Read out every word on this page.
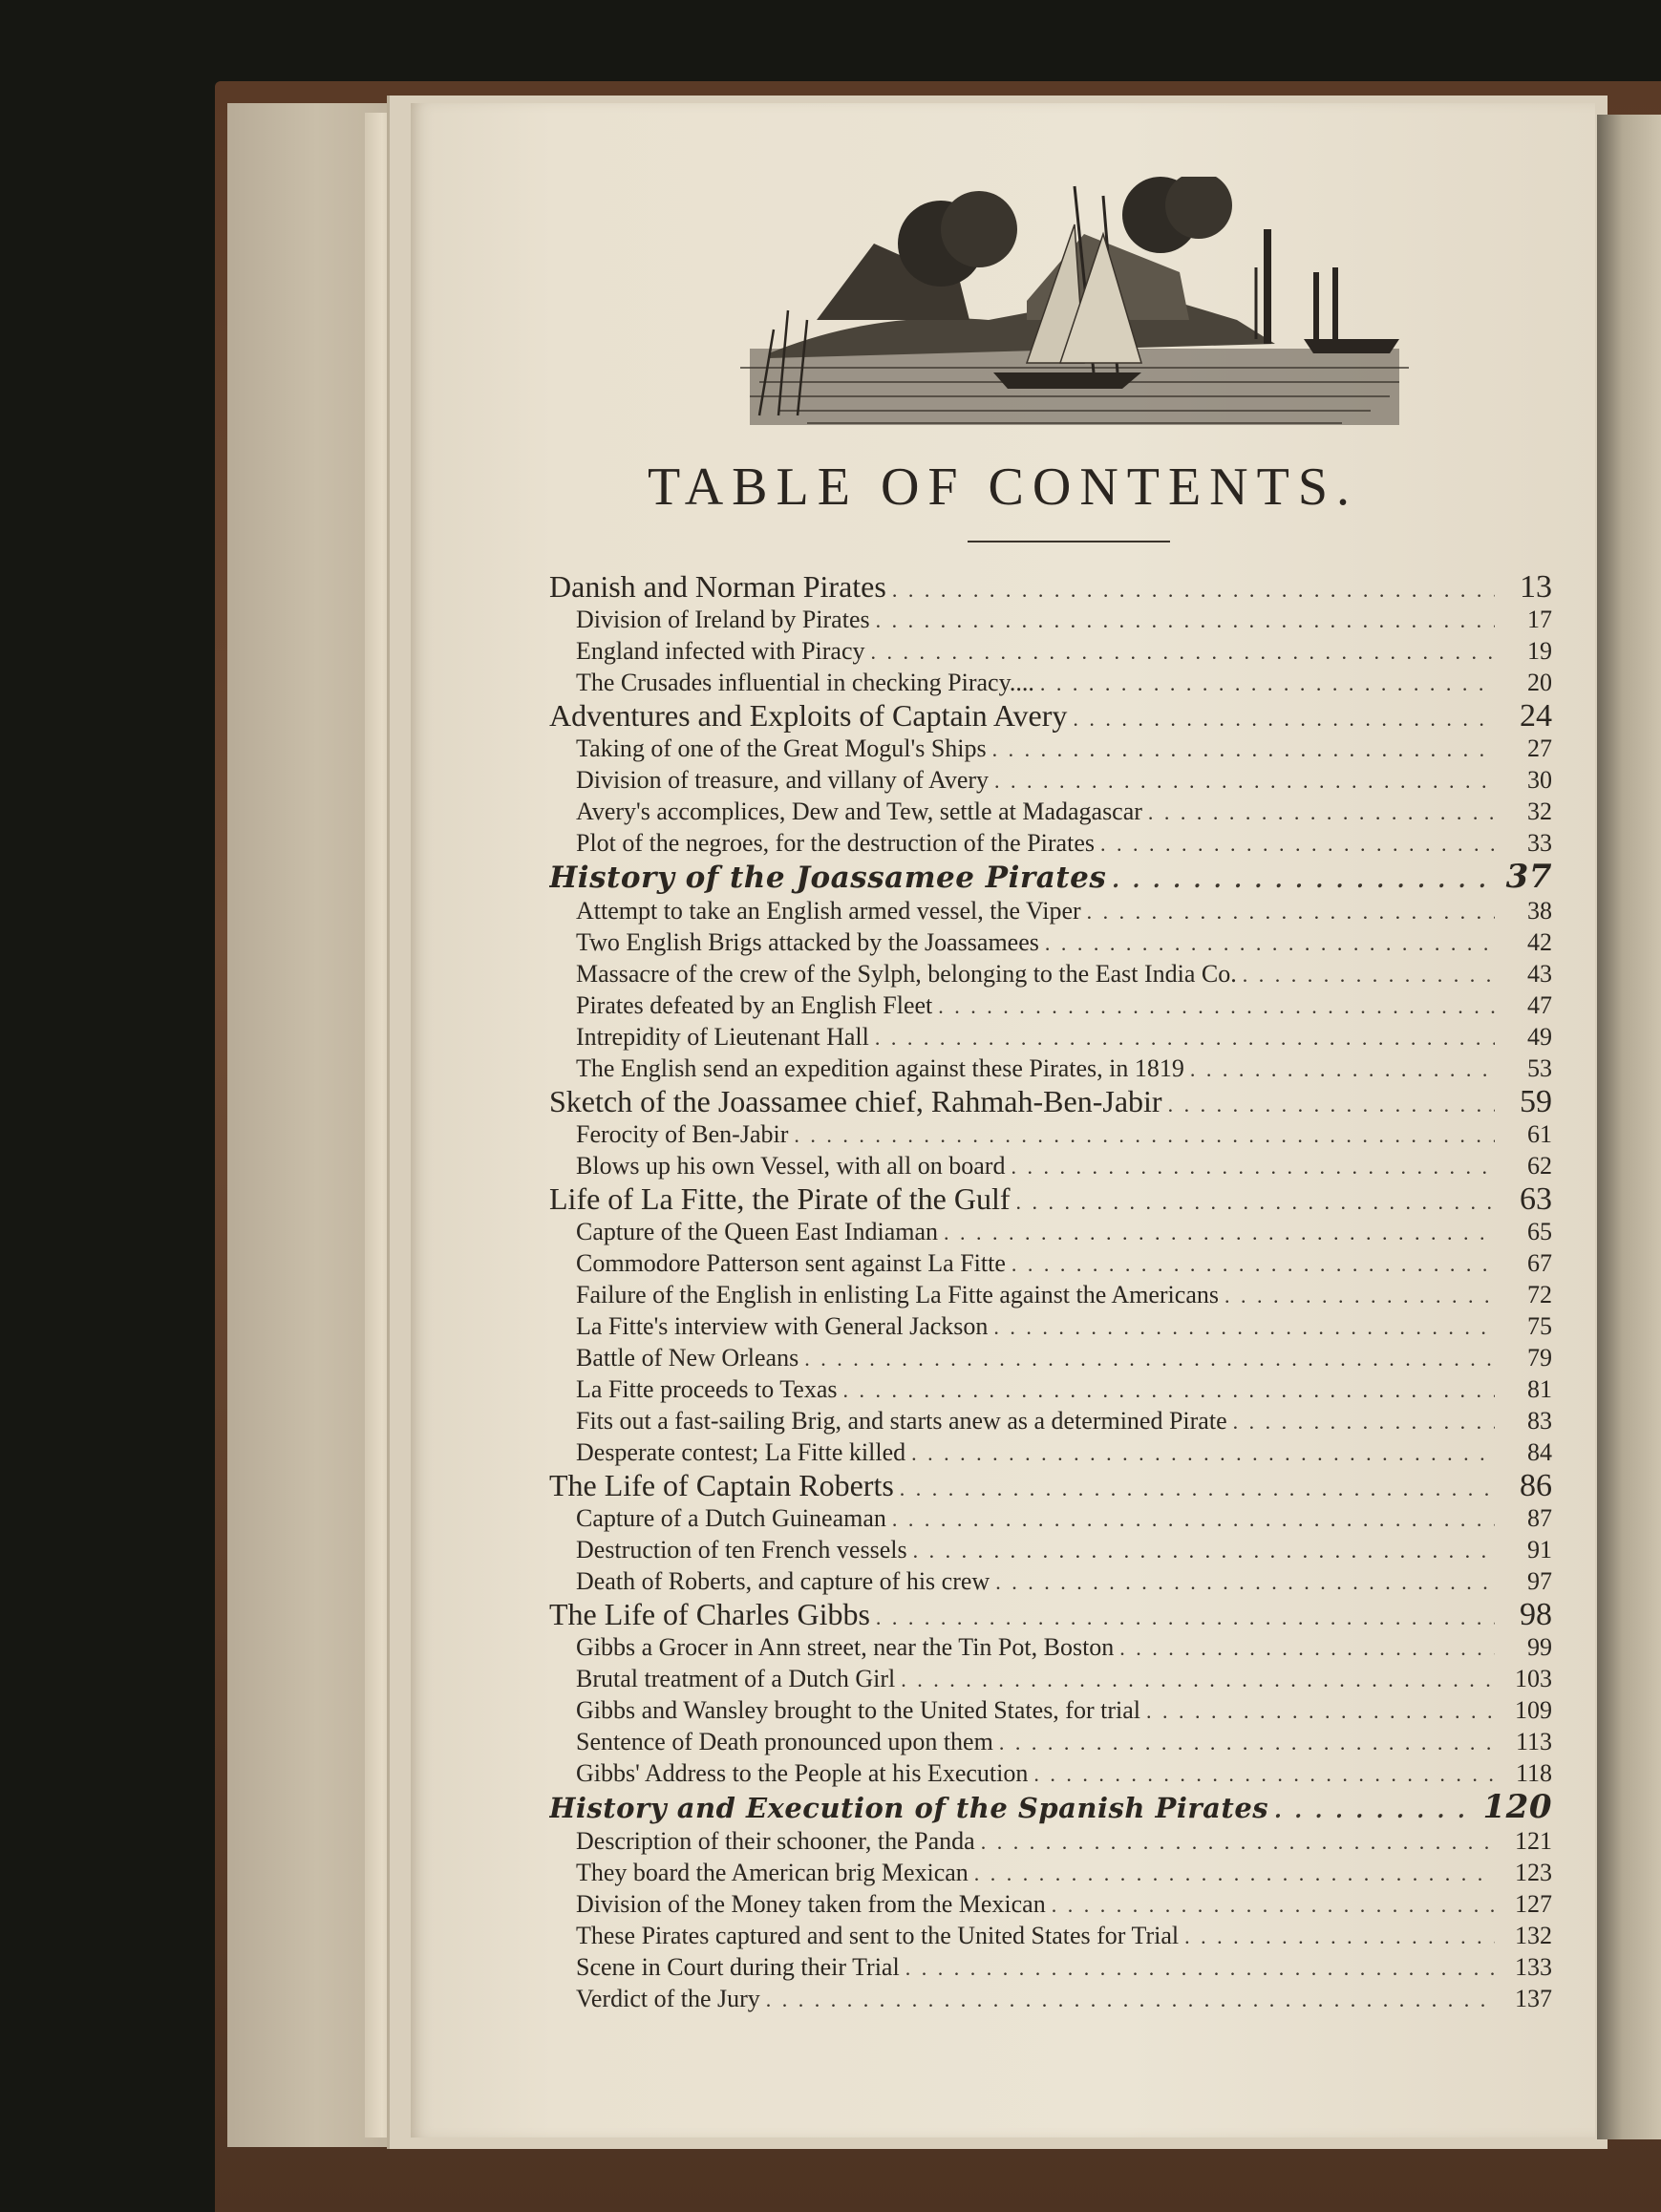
TABLE OF CONTENTS.
Danish and Norman Pirates . . .	13
Division of Ireland by Pirates . . .	17
England infected with Piracy . . .	19
The Crusades influential in checking Piracy.... . . .	20
Adventures and Exploits of Captain Avery . . .	24
Taking of one of the Great Mogul's Ships . . .	27
Division of treasure, and villany of Avery . . .	30
Avery's accomplices, Dew and Tew, settle at Madagascar . . .	32
Plot of the negroes, for the destruction of the Pirates . . .	33
History of the Joassamee Pirates . . .	37
Attempt to take an English armed vessel, the Viper . . .	38
Two English Brigs attacked by the Joassamees . . .	42
Massacre of the crew of the Sylph, belonging to the East India Co. . . .	43
Pirates defeated by an English Fleet . . .	47
Intrepidity of Lieutenant Hall . . .	49
The English send an expedition against these Pirates, in 1819 . . .	53
Sketch of the Joassamee chief, Rahmah-Ben-Jabir . . .	59
Ferocity of Ben-Jabir . . .	61
Blows up his own Vessel, with all on board . . .	62
Life of La Fitte, the Pirate of the Gulf . . .	63
Capture of the Queen East Indiaman . . .	65
Commodore Patterson sent against La Fitte . . .	67
Failure of the English in enlisting La Fitte against the Americans . . .	72
La Fitte's interview with General Jackson . . .	75
Battle of New Orleans . . .	79
La Fitte proceeds to Texas . . .	81
Fits out a fast-sailing Brig, and starts anew as a determined Pirate . . .	83
Desperate contest; La Fitte killed . . .	84
The Life of Captain Roberts . . .	86
Capture of a Dutch Guineaman . . .	87
Destruction of ten French vessels . . .	91
Death of Roberts, and capture of his crew . . .	97
The Life of Charles Gibbs . . .	98
Gibbs a Grocer in Ann street, near the Tin Pot, Boston . . .	99
Brutal treatment of a Dutch Girl . . .	103
Gibbs and Wansley brought to the United States, for trial . . .	109
Sentence of Death pronounced upon them . . .	113
Gibbs' Address to the People at his Execution . . .	118
History and Execution of the Spanish Pirates . . .	120
Description of their schooner, the Panda . . .	121
They board the American brig Mexican . . .	123
Division of the Money taken from the Mexican . . .	127
These Pirates captured and sent to the United States for Trial . . .	132
Scene in Court during their Trial . . .	133
Verdict of the Jury . . .	137
